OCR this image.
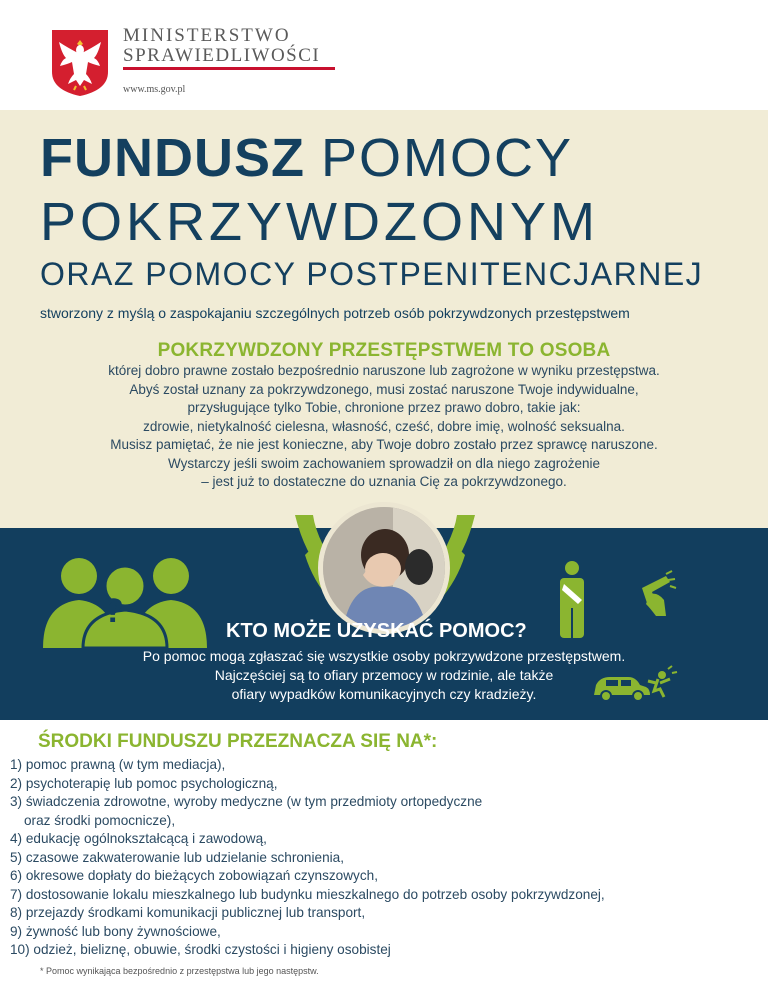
MINISTERSTWO
SPRAWIEDLIWOŚCI
www.ms.gov.pl
FUNDUSZ POMOCY
POKRZYWDZONYM
ORAZ POMOCY POSTPENITENCJARNEJ
stworzony z myślą o zaspokajaniu szczególnych potrzeb osób pokrzywdzonych przestępstwem
POKRZYWDZONY PRZESTĘPSTWEM TO OSOBA
której dobro prawne zostało bezpośrednio naruszone lub zagrożone w wyniku przestępstwa.
Abyś został uznany za pokrzywdzonego, musi zostać naruszone Twoje indywidualne,
przysługujące tylko Tobie, chronione przez prawo dobro, takie jak:
zdrowie, nietykalność cielesna, własność, cześć, dobre imię, wolność seksualna.
Musisz pamiętać, że nie jest konieczne, aby Twoje dobro zostało przez sprawcę naruszone.
Wystarczy jeśli swoim zachowaniem sprowadził on dla niego zagrożenie
– jest już to dostateczne do uznania Cię za pokrzywdzonego.
?
KTO MOŻE UZYSKAĆ POMOC?
Po pomoc mogą zgłaszać się wszystkie osoby pokrzywdzone przestępstwem.
Najczęściej są to ofiary przemocy w rodzinie, ale także
ofiary wypadków komunikacyjnych czy kradzieży.
ŚRODKI FUNDUSZU PRZEZNACZA SIĘ NA*:
1) pomoc prawną (w tym mediacja),
2) psychoterapię lub pomoc psychologiczną,
3) świadczenia zdrowotne, wyroby medyczne (w tym przedmioty ortopedyczne
oraz środki pomocnicze),
4) edukację ogólnokształcącą i zawodową,
5) czasowe zakwaterowanie lub udzielanie schronienia,
6) okresowe dopłaty do bieżących zobowiązań czynszowych,
7) dostosowanie lokalu mieszkalnego lub budynku mieszkalnego do potrzeb osoby pokrzywdzonej,
8) przejazdy środkami komunikacji publicznej lub transport,
9) żywność lub bony żywnościowe,
10) odzież, bieliznę, obuwie, środki czystości i higieny osobistej
* Pomoc wynikająca bezpośrednio z przestępstwa lub jego następstw.
